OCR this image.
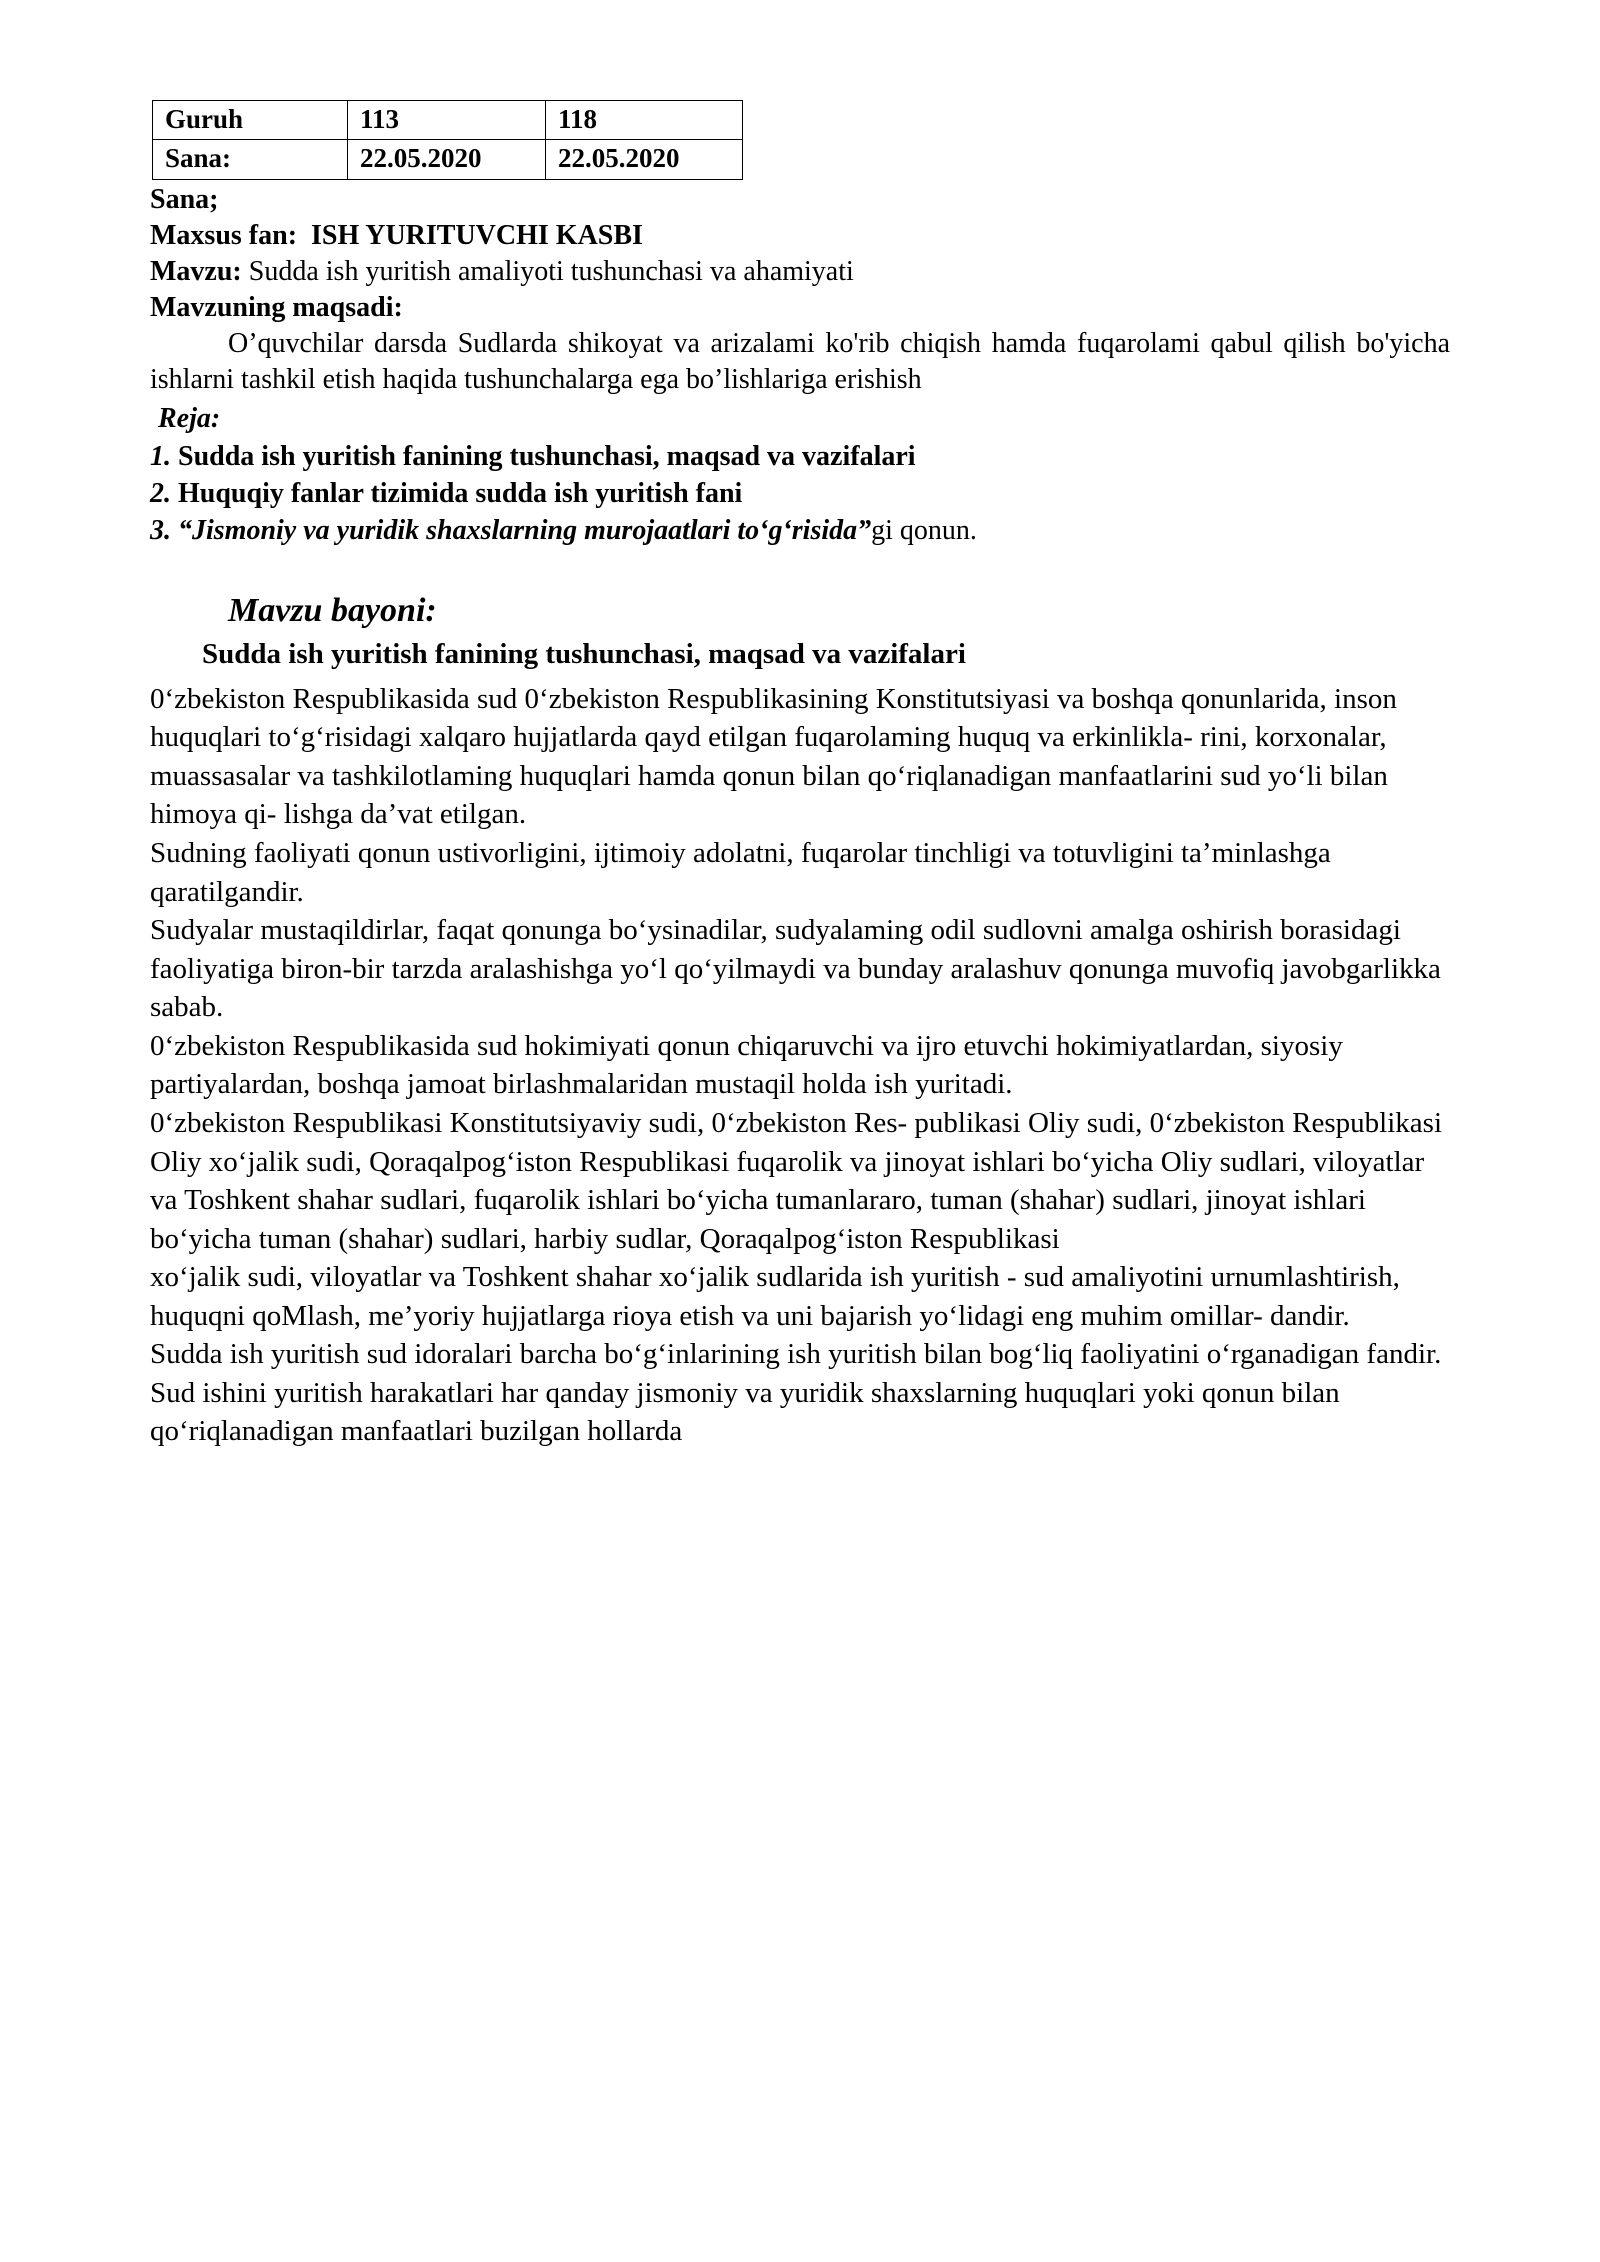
Guruh	113	118
Sana:	22.05.2020	22.05.2020
Sana;
Maxsus fan: ISH YURITUVCHI KASBI
Mavzu: Sudda ish yuritish amaliyoti tushunchasi va ahamiyati
Mavzuning maqsadi:

O’quvchilar darsda Sudlarda shikoyat va arizalami ko'rib chiqish hamda fuqarolami qabul qilish bo'yicha ishlarni tashkil etish haqida tushunchalarga ega bo’lishlariga erishish

Reja:
1. Sudda ish yuritish fanining tushunchasi, maqsad va vazifalari
2. Huquqiy fanlar tizimida sudda ish yuritish fani
3. “Jismoniy va yuridik shaxslarning murojaatlari to‘g‘risida”gi qonun.
Mavzu bayoni:
Sudda ish yuritish fanining tushunchasi, maqsad va vazifalari

0‘zbekiston Respublikasida sud 0‘zbekiston Respublikasining Konstitutsiyasi va boshqa qonunlarida, inson huquqlari to‘g‘risidagi xalqaro hujjatlarda qayd etilgan fuqarolaming huquq va erkinlikla- rini, korxonalar, muassasalar va tashkilotlaming huquqlari hamda qonun bilan qo‘riqlanadigan manfaatlarini sud yo‘li bilan himoya qi- lishga da’vat etilgan.

Sudning faoliyati qonun ustivorligini, ijtimoiy adolatni, fuqarolar tinchligi va totuvligini ta’minlashga qaratilgandir.

Sudyalar mustaqildirlar, faqat qonunga bo‘ysinadilar, sudyalaming odil sudlovni amalga oshirish borasidagi faoliyatiga biron-bir tarzda aralashishga yo‘l qo‘yilmaydi va bunday aralashuv qonunga muvofiq javobgarlikka sabab.

0‘zbekiston Respublikasida sud hokimiyati qonun chiqaruvchi va ijro etuvchi hokimiyatlardan, siyosiy partiyalardan, boshqa jamoat birlashmalaridan mustaqil holda ish yuritadi.

0‘zbekiston Respublikasi Konstitutsiyaviy sudi, 0‘zbekiston Res- publikasi Oliy sudi, 0‘zbekiston Respublikasi Oliy xo‘jalik sudi, Qoraqalpog‘iston Respublikasi fuqarolik va jinoyat ishlari bo‘yicha Oliy sudlari, viloyatlar va Toshkent shahar sudlari, fuqarolik ishlari bo‘yicha tumanlararo, tuman (shahar) sudlari, jinoyat ishlari bo‘yicha tuman (shahar) sudlari, harbiy sudlar, Qoraqalpog‘iston Respublikasi

xo‘jalik sudi, viloyatlar va Toshkent shahar xo‘jalik sudlarida ish yuritish - sud amaliyotini urnumlashtirish, huquqni qoMlash, me’yoriy hujjatlarga rioya etish va uni bajarish yo‘lidagi eng muhim omillar- dandir.

Sudda ish yuritish sud idoralari barcha bo‘g‘inlarining ish yuritish bilan bog‘liq faoliyatini o‘rganadigan fandir.

Sud ishini yuritish harakatlari har qanday jismoniy va yuridik shaxslarning huquqlari yoki qonun bilan qo‘riqlanadigan manfaatlari buzilgan hollarda
